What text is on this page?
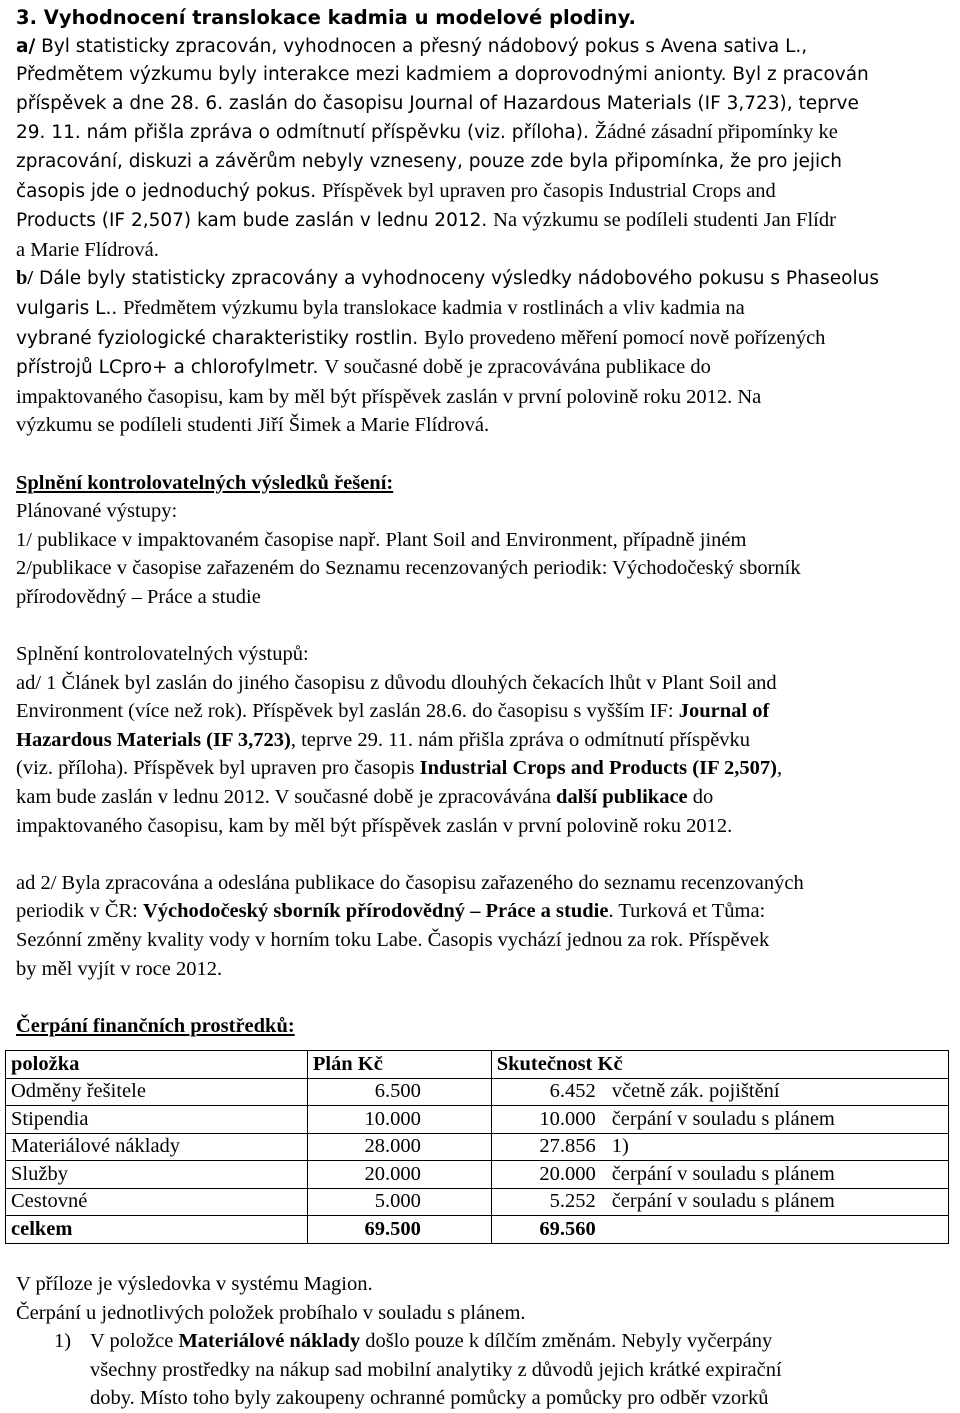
3. Vyhodnocení translokace kadmia u modelové plodiny.
a/ Byl statisticky zpracován, vyhodnocen a přesný nádobový pokus s Avena sativa L.,
Předmětem výzkumu byly interakce mezi kadmiem a doprovodnými anionty. Byl z pracován
příspěvek a dne 28. 6. zaslán do časopisu Journal of Hazardous Materials (IF 3,723), teprve
29. 11. nám přišla zpráva o odmítnutí příspěvku (viz. příloha). Žádné zásadní připomínky ke
zpracování, diskuzi a závěrům nebyly vzneseny, pouze zde byla připomínka, že pro jejich
časopis jde o jednoduchý pokus. Příspěvek byl upraven pro časopis Industrial Crops and
Products (IF 2,507) kam bude zaslán v lednu 2012. Na výzkumu se podíleli studenti Jan Flídr
a Marie Flídrová.
b/ Dále byly statisticky zpracovány a vyhodnoceny výsledky nádobového pokusu s Phaseolus
vulgaris L.. Předmětem výzkumu byla translokace kadmia v rostlinách a vliv kadmia na
vybrané fyziologické charakteristiky rostlin. Bylo provedeno měření pomocí nově pořízených
přístrojů LCpro+ a chlorofylmetr. V současné době je zpracovávána publikace do
impaktovaného časopisu, kam by měl být příspěvek zaslán v první polovině roku 2012. Na
výzkumu se podíleli studenti Jiří Šimek a Marie Flídrová.
Splnění kontrolovatelných výsledků řešení:
Plánované výstupy:
1/ publikace v impaktovaném časopise např. Plant Soil and Environment, případně jiném
2/publikace v časopise zařazeném do Seznamu recenzovaných periodik: Východočeský sborník
přírodovědný – Práce a studie
Splnění kontrolovatelných výstupů:
ad/ 1 Článek byl zaslán do jiného časopisu z důvodu dlouhých čekacích lhůt v Plant Soil and
Environment (více než rok). Příspěvek byl zaslán 28.6. do časopisu s vyšším IF: Journal of
Hazardous Materials (IF 3,723), teprve 29. 11. nám přišla zpráva o odmítnutí příspěvku
(viz. příloha). Příspěvek byl upraven pro časopis Industrial Crops and Products (IF 2,507),
kam bude zaslán v lednu 2012. V současné době je zpracovávána další publikace do
impaktovaného časopisu, kam by měl být příspěvek zaslán v první polovině roku 2012.
ad 2/ Byla zpracována a odeslána publikace do časopisu zařazeného do seznamu recenzovaných
periodik v ČR: Východočeský sborník přírodovědný – Práce a studie. Turková et Tůma:
Sezónní změny kvality vody v horním toku Labe. Časopis vychází jednou za rok. Příspěvek
by měl vyjít v roce 2012.
Čerpání finančních prostředků:
položka	Plán Kč	Skutečnost Kč
Odměny řešitele	6.500	6.452 včetně zák. pojištění
Stipendia	10.000	10.000 čerpání v souladu s plánem
Materiálové náklady	28.000	27.856 1)
Služby	20.000	20.000 čerpání v souladu s plánem
Cestovné	5.000	5.252 čerpání v souladu s plánem
celkem	69.500	69.560
V příloze je výsledovka v systému Magion.
Čerpání u jednotlivých položek probíhalo v souladu s plánem.
1) V položce Materiálové náklady došlo pouze k dílčím změnám. Nebyly vyčerpány
všechny prostředky na nákup sad mobilní analytiky z důvodů jejich krátké expirační
doby. Místo toho byly zakoupeny ochranné pomůcky a pomůcky pro odběr vzorků
